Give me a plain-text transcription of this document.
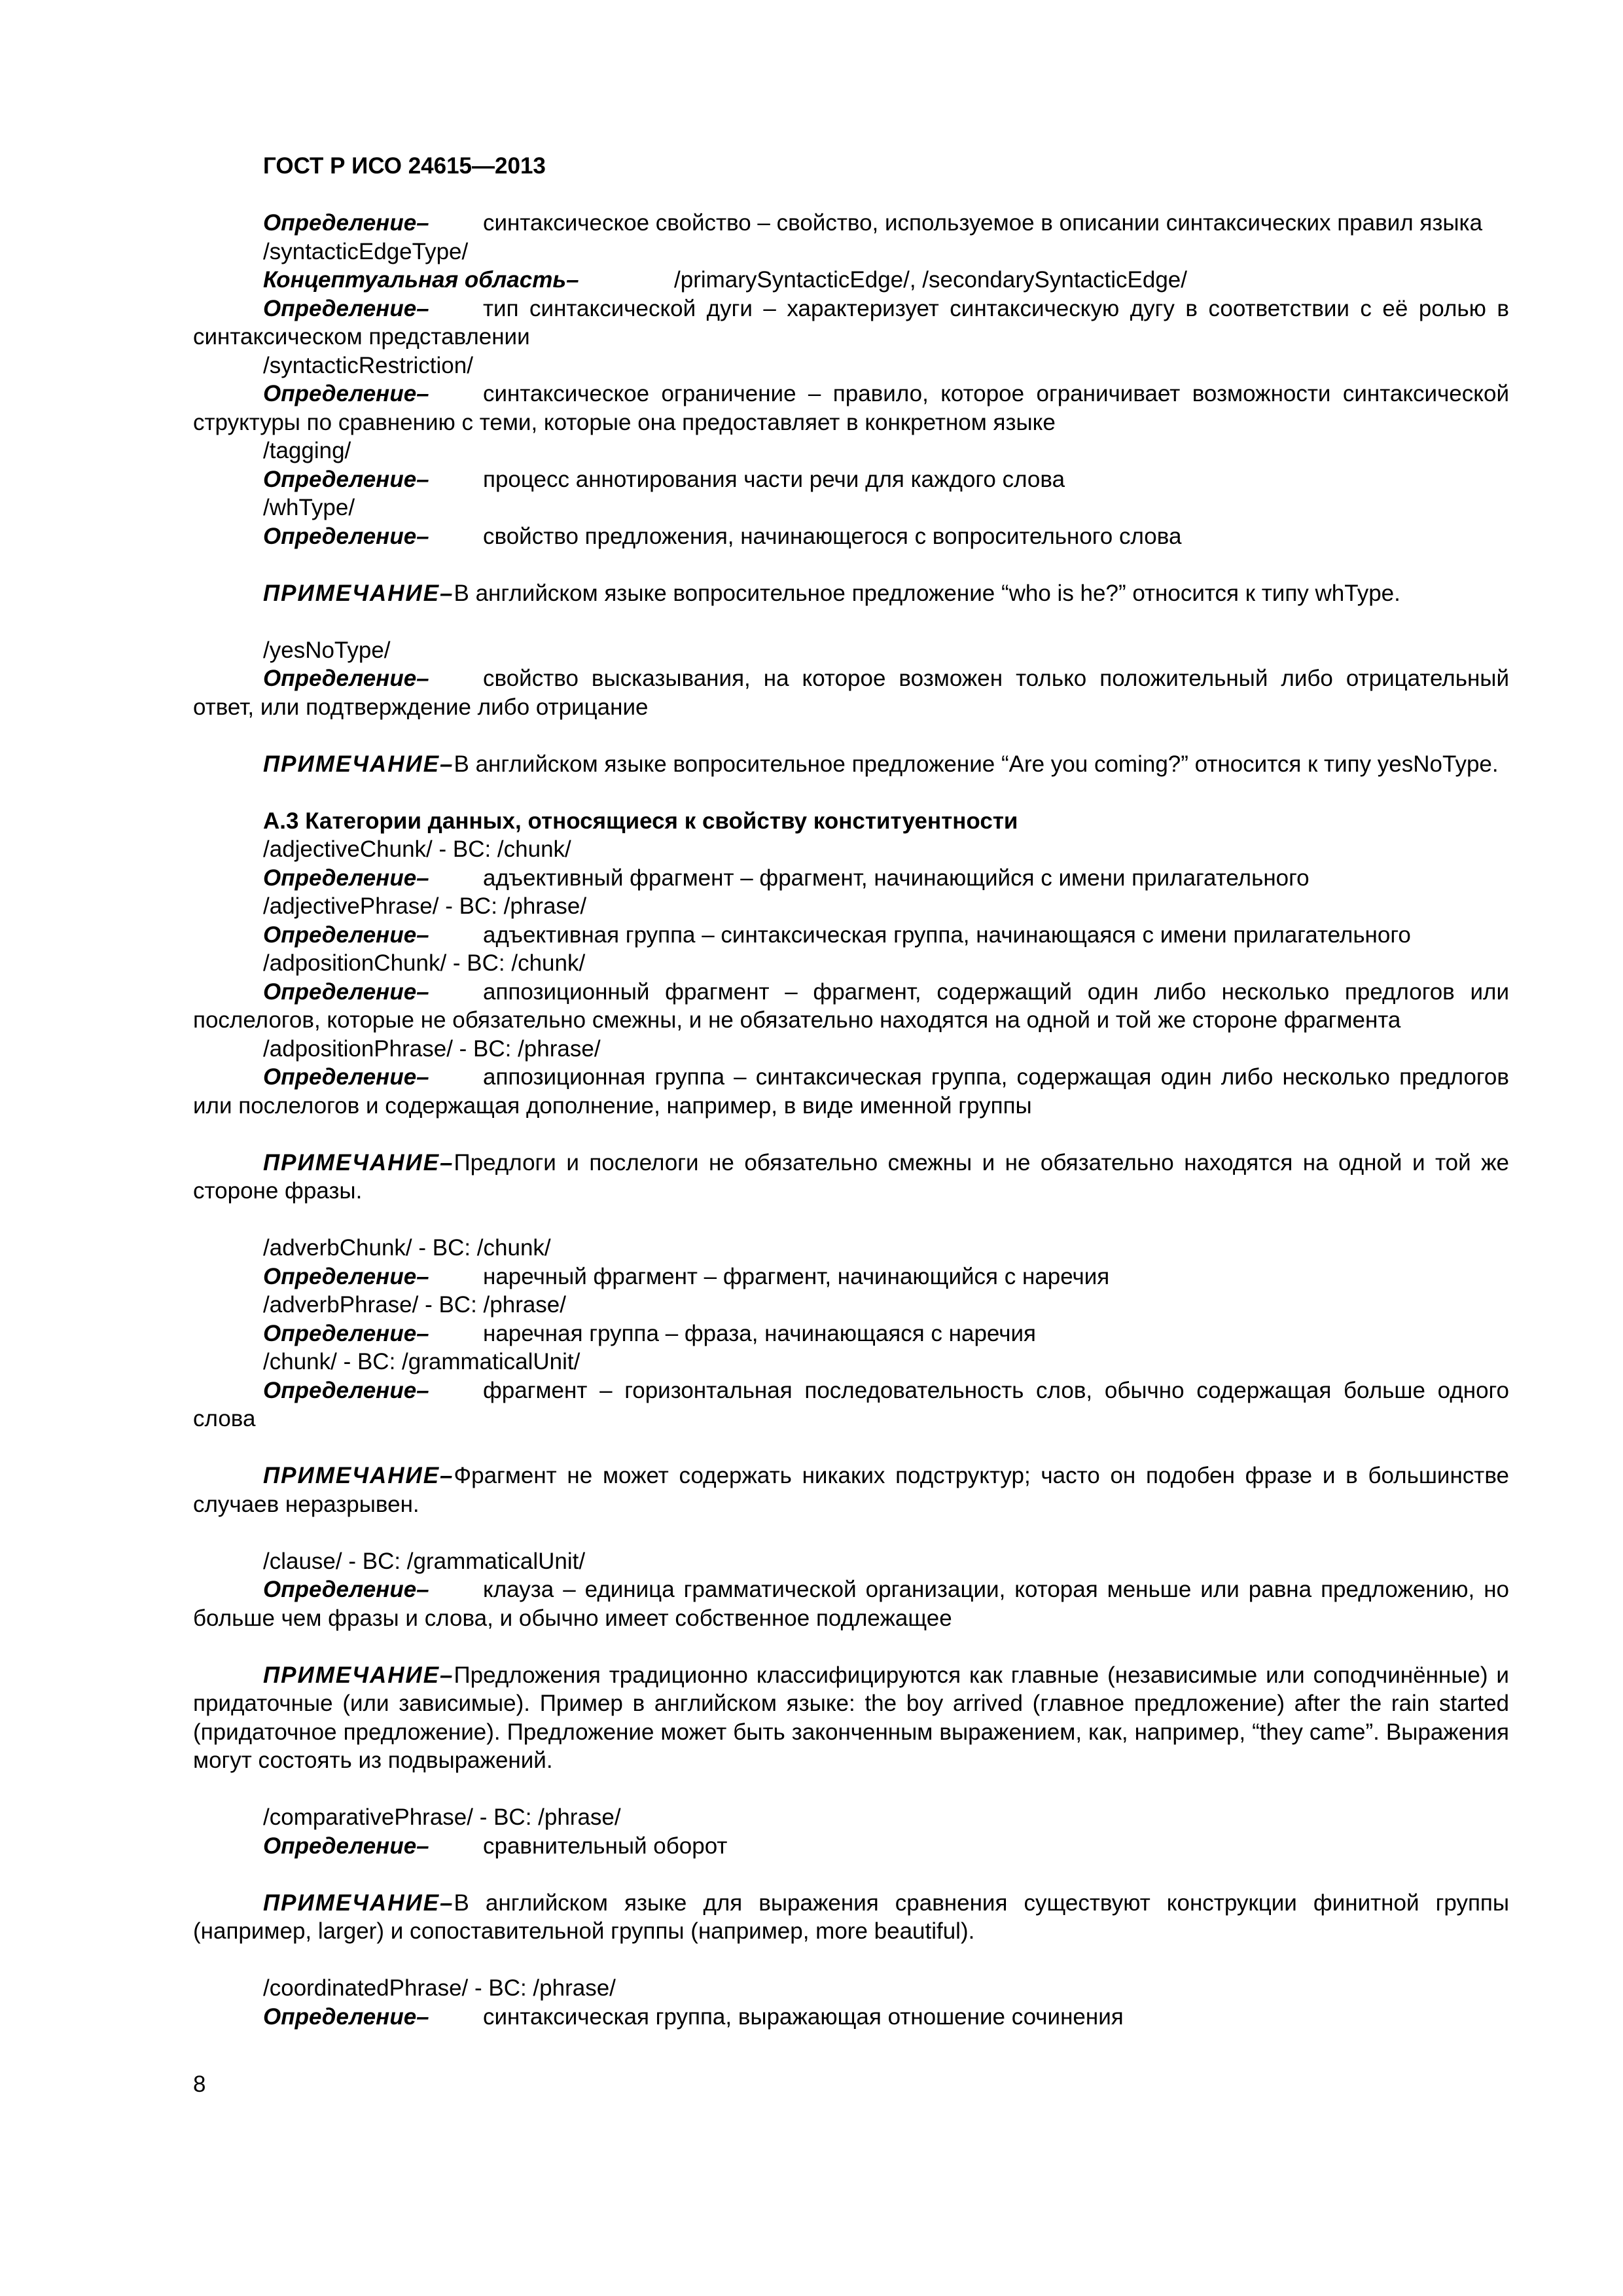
ГОСТ Р ИСО 24615—2013

Определение– синтаксическое свойство – свойство, используемое в описании синтаксических правил языка

/syntacticEdgeType/

Концептуальная область–	/primarySyntacticEdge/, /secondarySyntacticEdge/

Определение– тип синтаксической дуги – характеризует синтаксическую дугу в соответствии с её ролью в синтаксическом представлении

/syntacticRestriction/

Определение– синтаксическое ограничение – правило, которое ограничивает возможности синтаксической структуры по сравнению с теми, которые она предоставляет в конкретном языке

/tagging/

Определение– процесс аннотирования части речи для каждого слова

/whType/

Определение– свойство предложения, начинающегося с вопросительного слова

ПРИМЕЧАНИЕ–В английском языке вопросительное предложение “who is he?” относится к типу whType.

/yesNoType/

Определение– свойство высказывания, на которое возможен только положительный либо отрицательный ответ, или подтверждение либо отрицание

ПРИМЕЧАНИЕ–В английском языке вопросительное предложение “Are you coming?” относится к типу yesNoType.

А.3 Категории данных, относящиеся к свойству конституентности

/adjectiveChunk/ - BC: /chunk/

Определение– адъективный фрагмент – фрагмент, начинающийся с имени прилагательного

/adjectivePhrase/ - BC: /phrase/

Определение– адъективная группа – синтаксическая группа, начинающаяся с имени прилагательного

/adpositionChunk/ - BC: /chunk/

Определение– аппозиционный фрагмент – фрагмент, содержащий один либо несколько предлогов или послелогов, которые не обязательно смежны, и не обязательно находятся на одной и той же стороне фрагмента

/adpositionPhrase/ - BC: /phrase/

Определение– аппозиционная группа – синтаксическая группа, содержащая один либо несколько предлогов или послелогов и содержащая дополнение, например, в виде именной группы

ПРИМЕЧАНИЕ–Предлоги и послелоги не обязательно смежны и не обязательно находятся на одной и той же стороне фразы.

/adverbChunk/ - BC: /chunk/

Определение– наречный фрагмент – фрагмент, начинающийся с наречия

/adverbPhrase/ - BC: /phrase/

Определение– наречная группа – фраза, начинающаяся с наречия

/chunk/ - BC: /grammaticalUnit/

Определение– фрагмент – горизонтальная последовательность слов, обычно содержащая больше одного слова

ПРИМЕЧАНИЕ–Фрагмент не может содержать никаких подструктур; часто он подобен фразе и в большинстве случаев неразрывен.

/clause/ - BC: /grammaticalUnit/

Определение– клауза – единица грамматической организации, которая меньше или равна предложению, но больше чем фразы и слова, и обычно имеет собственное подлежащее

ПРИМЕЧАНИЕ–Предложения традиционно классифицируются как главные (независимые или соподчинённые) и придаточные (или зависимые). Пример в английском языке: the boy arrived (главное предложение) after the rain started (придаточное предложение). Предложение может быть законченным выражением, как, например, “they came”. Выражения могут состоять из подвыражений.

/comparativePhrase/ - BC: /phrase/

Определение– сравнительный оборот

ПРИМЕЧАНИЕ–В английском языке для выражения сравнения существуют конструкции финитной группы (например, larger) и сопоставительной группы (например, more beautiful).

/coordinatedPhrase/ - BC: /phrase/

Определение– синтаксическая группа, выражающая отношение сочинения

8
